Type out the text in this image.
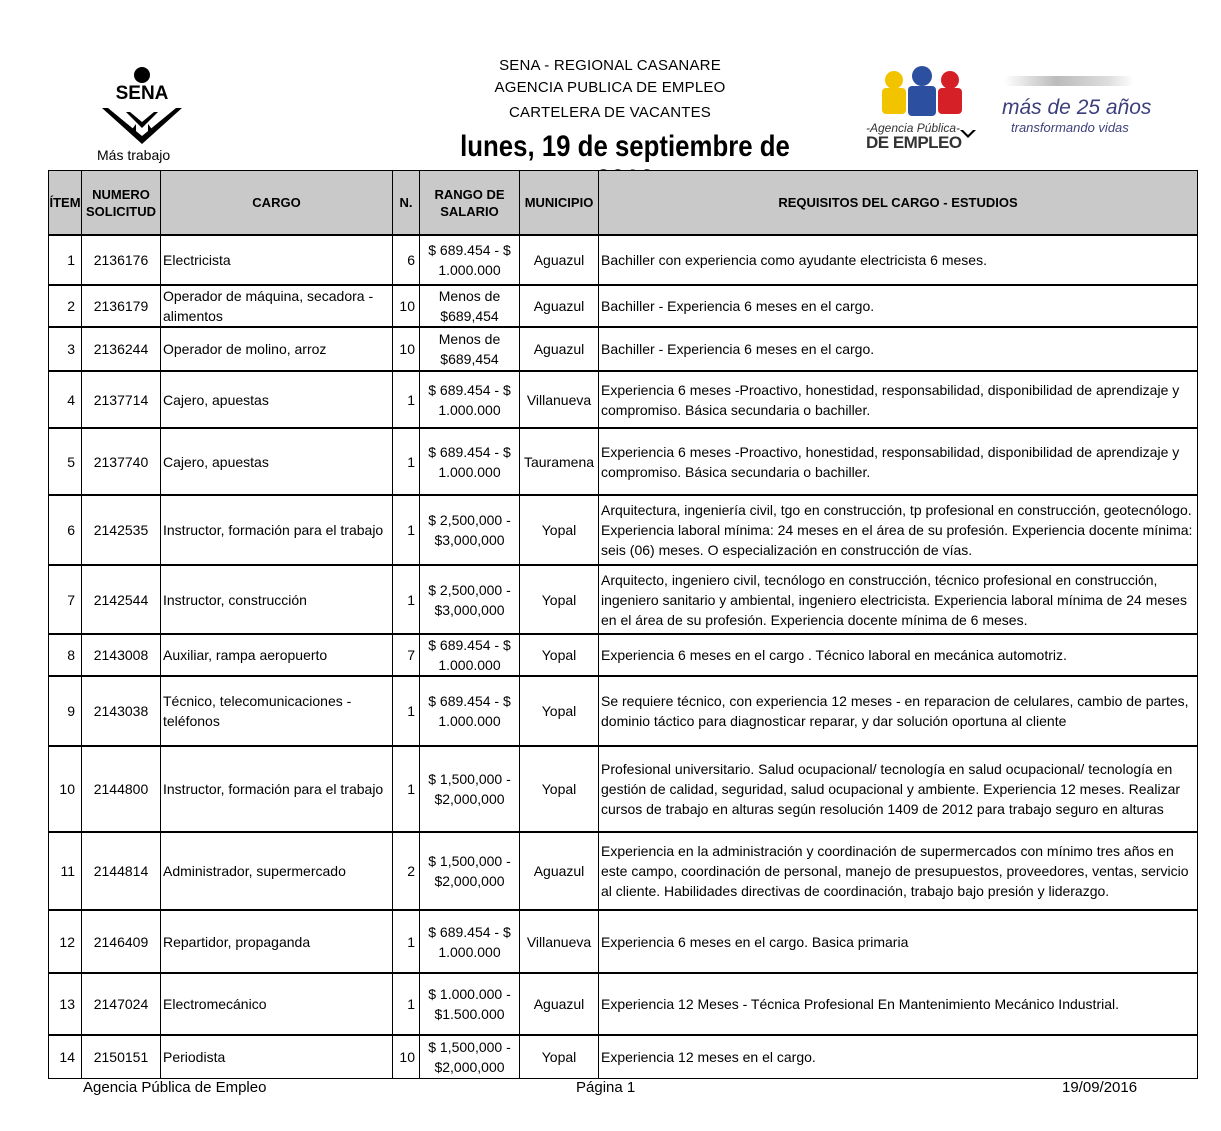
SENA - REGIONAL CASANARE
AGENCIA PUBLICA DE EMPLEO
CARTELERA DE VACANTES
lunes, 19 de septiembre de
SENA
Más trabajo
-Agencia Pública-
DE EMPLEO
más de 25 años
transformando vidas
ÍTEM	NUMERO SOLICITUD	CARGO	N.	RANGO DE SALARIO	MUNICIPIO	REQUISITOS DEL CARGO - ESTUDIOS
1	2136176	Electricista	6	$ 689.454 - $ 1.000.000	Aguazul	Bachiller con experiencia como ayudante electricista 6 meses.
2	2136179	Operador de máquina, secadora - alimentos	10	Menos de $689,454	Aguazul	Bachiller - Experiencia 6 meses en el cargo.
3	2136244	Operador de molino, arroz	10	Menos de $689,454	Aguazul	Bachiller - Experiencia 6 meses en el cargo.
4	2137714	Cajero, apuestas	1	$ 689.454 - $ 1.000.000	Villanueva	Experiencia 6 meses -Proactivo, honestidad, responsabilidad, disponibilidad de aprendizaje y compromiso. Básica secundaria o bachiller.
5	2137740	Cajero, apuestas	1	$ 689.454 - $ 1.000.000	Tauramena	Experiencia 6 meses -Proactivo, honestidad, responsabilidad, disponibilidad de aprendizaje y compromiso. Básica secundaria o bachiller.
6	2142535	Instructor, formación para el trabajo	1	$ 2,500,000 - $3,000,000	Yopal	Arquitectura, ingeniería civil, tgo en construcción, tp profesional en construcción, geotecnólogo. Experiencia laboral mínima: 24 meses en el área de su profesión. Experiencia docente mínima: seis (06) meses. O especialización en construcción de vías.
7	2142544	Instructor, construcción	1	$ 2,500,000 - $3,000,000	Yopal	Arquitecto, ingeniero civil, tecnólogo en construcción, técnico profesional en construcción, ingeniero sanitario y ambiental, ingeniero electricista. Experiencia laboral mínima de 24 meses en el área de su profesión. Experiencia docente mínima de 6 meses.
8	2143008	Auxiliar, rampa aeropuerto	7	$ 689.454 - $ 1.000.000	Yopal	Experiencia 6 meses en el cargo . Técnico laboral en mecánica automotriz.
9	2143038	Técnico, telecomunicaciones - teléfonos	1	$ 689.454 - $ 1.000.000	Yopal	Se requiere técnico, con experiencia 12 meses - en reparacion de celulares, cambio de partes, dominio táctico para diagnosticar reparar, y dar solución oportuna al cliente
10	2144800	Instructor, formación para el trabajo	1	$ 1,500,000 - $2,000,000	Yopal	Profesional universitario. Salud ocupacional/ tecnología en salud ocupacional/ tecnología en gestión de calidad, seguridad, salud ocupacional y ambiente. Experiencia 12 meses. Realizar cursos de trabajo en alturas según resolución 1409 de 2012 para trabajo seguro en alturas
11	2144814	Administrador, supermercado	2	$ 1,500,000 - $2,000,000	Aguazul	Experiencia en la administración y coordinación de supermercados con mínimo tres años en este campo, coordinación de personal, manejo de presupuestos, proveedores, ventas, servicio al cliente. Habilidades directivas de coordinación, trabajo bajo presión y liderazgo.
12	2146409	Repartidor, propaganda	1	$ 689.454 - $ 1.000.000	Villanueva	Experiencia 6 meses en el cargo. Basica primaria
13	2147024	Electromecánico	1	$ 1.000.000 - $1.500.000	Aguazul	Experiencia 12 Meses - Técnica Profesional En Mantenimiento Mecánico Industrial.
14	2150151	Periodista	10	$ 1,500,000 - $2,000,000	Yopal	Experiencia 12 meses en el cargo.
Agencia Pública de Empleo	Página 1	19/09/2016
